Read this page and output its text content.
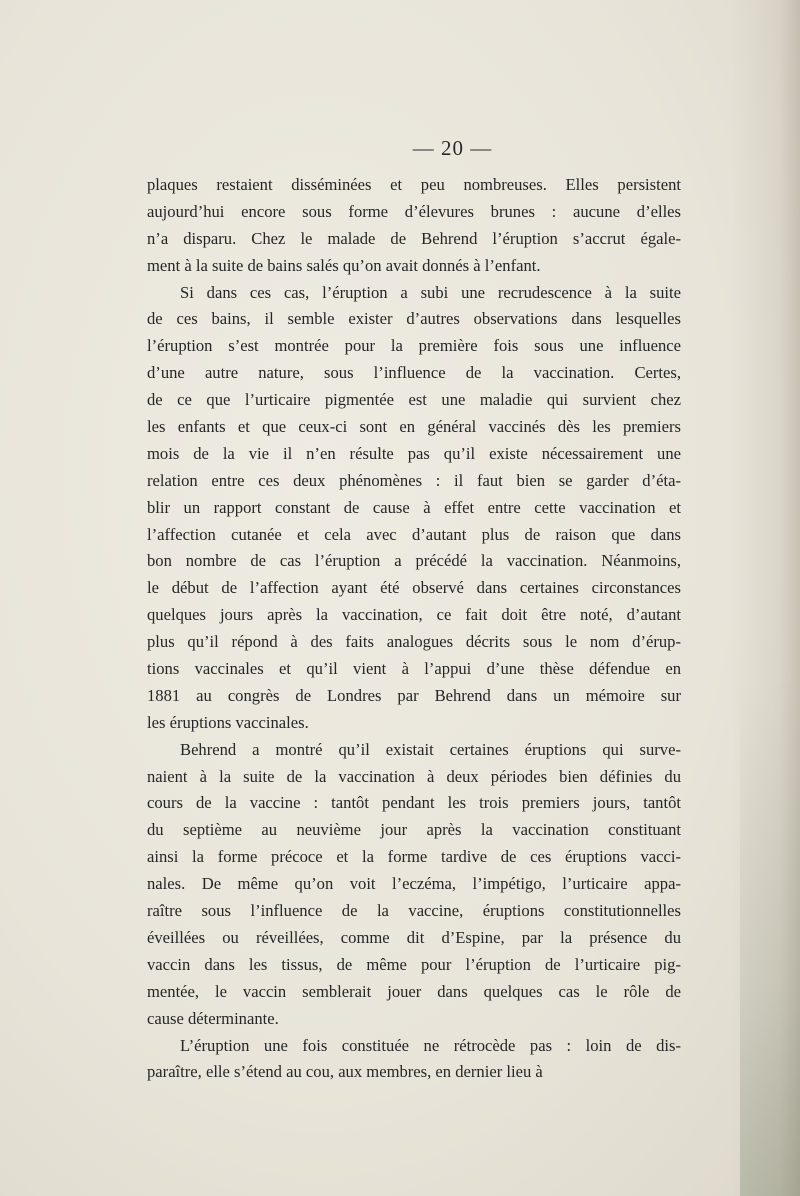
— 20 —
plaques restaient disséminées et peu nombreuses. Elles persistent
aujourd’hui encore sous forme d’élevures brunes : aucune d’elles
n’a disparu. Chez le malade de Behrend l’éruption s’accrut égale-
ment à la suite de bains salés qu’on avait donnés à l’enfant.
Si dans ces cas, l’éruption a subi une recrudescence à la suite
de ces bains, il semble exister d’autres observations dans lesquelles
l’éruption s’est montrée pour la première fois sous une influence
d’une autre nature, sous l’influence de la vaccination. Certes,
de ce que l’urticaire pigmentée est une maladie qui survient chez
les enfants et que ceux-ci sont en général vaccinés dès les premiers
mois de la vie il n’en résulte pas qu’il existe nécessairement une
relation entre ces deux phénomènes : il faut bien se garder d’éta-
blir un rapport constant de cause à effet entre cette vaccination et
l’affection cutanée et cela avec d’autant plus de raison que dans
bon nombre de cas l’éruption a précédé la vaccination. Néanmoins,
le début de l’affection ayant été observé dans certaines circonstances
quelques jours après la vaccination, ce fait doit être noté, d’autant
plus qu’il répond à des faits analogues décrits sous le nom d’érup-
tions vaccinales et qu’il vient à l’appui d’une thèse défendue en
1881 au congrès de Londres par Behrend dans un mémoire sur
les éruptions vaccinales.
Behrend a montré qu’il existait certaines éruptions qui surve-
naient à la suite de la vaccination à deux périodes bien définies du
cours de la vaccine : tantôt pendant les trois premiers jours, tantôt
du septième au neuvième jour après la vaccination constituant
ainsi la forme précoce et la forme tardive de ces éruptions vacci-
nales. De même qu’on voit l’eczéma, l’impétigo, l’urticaire appa-
raître sous l’influence de la vaccine, éruptions constitutionnelles
éveillées ou réveillées, comme dit d’Espine, par la présence du
vaccin dans les tissus, de même pour l’éruption de l’urticaire pig-
mentée, le vaccin semblerait jouer dans quelques cas le rôle de
cause déterminante.
L’éruption une fois constituée ne rétrocède pas : loin de dis-
paraître, elle s’étend au cou, aux membres, en dernier lieu à
